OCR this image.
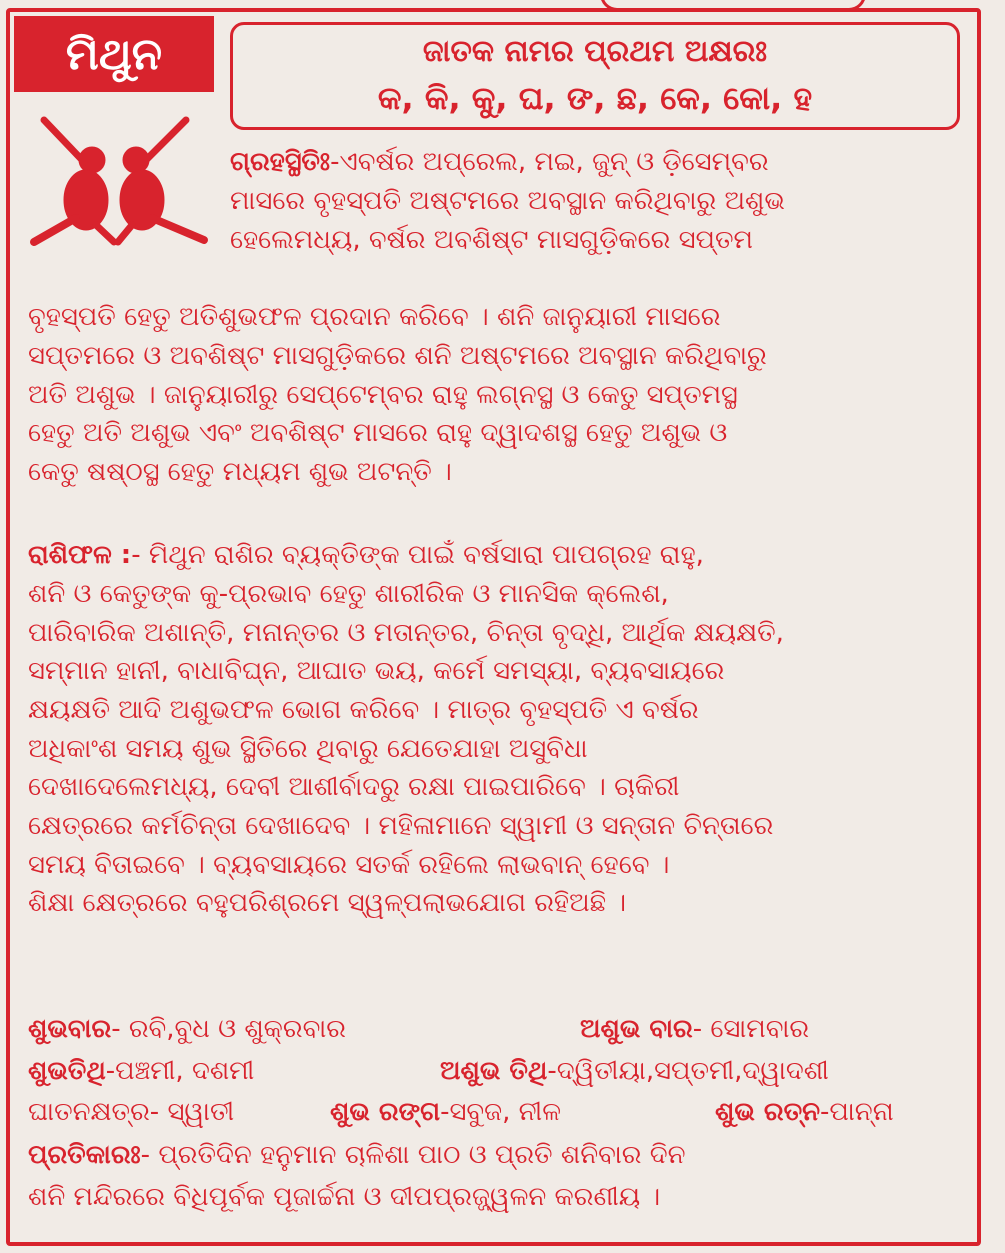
ମିଥୁନ	ଜାତକ ନାମର ପ୍ରଥମ ଅକ୍ଷରଃ
କ, କି, କୁ, ଘ, ଙ, ଛ, କେ, କୋ, ହ
ଗ୍ରହସ୍ଥିତିଃ-ଏବର୍ଷର ଅପ୍ରେଲ, ମଇ, ଜୁନ୍ ଓ ଡ଼ିସେମ୍ବର
ମାସରେ ବୃହସ୍ପତି ଅଷ୍ଟମରେ ଅବସ୍ଥାନ କରିଥିବାରୁ ଅଶୁଭ
ହେଲେମଧ୍ୟ, ବର୍ଷର ଅବଶିଷ୍ଟ ମାସଗୁଡ଼ିକରେ ସପ୍ତମ
ବୃହସ୍ପତି ହେତୁ ଅତିଶୁଭଫଳ ପ୍ରଦାନ କରିବେ । ଶନି ଜାନୁୟାରୀ ମାସରେ
ସପ୍ତମରେ ଓ ଅବଶିଷ୍ଟ ମାସଗୁଡ଼ିକରେ ଶନି ଅଷ୍ଟମରେ ଅବସ୍ଥାନ କରିଥିବାରୁ
ଅତି ଅଶୁଭ । ଜାନୁୟାରୀରୁ ସେପ୍ଟେମ୍ବର ରାହୁ ଲଗ୍ନସ୍ଥ ଓ କେତୁ ସପ୍ତମସ୍ଥ
ହେତୁ ଅତି ଅଶୁଭ ଏବଂ ଅବଶିଷ୍ଟ ମାସରେ ରାହୁ ଦ୍ୱାଦଶସ୍ଥ ହେତୁ ଅଶୁଭ ଓ
କେତୁ ଷଷ୍ଠସ୍ଥ ହେତୁ ମଧ୍ୟମ ଶୁଭ ଅଟନ୍ତି ।
ରାଶିଫଳ :- ମିଥୁନ ରାଶିର ବ୍ୟକ୍ତିଙ୍କ ପାଇଁ ବର୍ଷସାରା ପାପଗ୍ରହ ରାହୁ,
ଶନି ଓ କେତୁଙ୍କ କୁ-ପ୍ରଭାବ ହେତୁ ଶାରୀରିକ ଓ ମାନସିକ କ୍ଲେଶ,
ପାରିବାରିକ ଅଶାନ୍ତି, ମନାନ୍ତର ଓ ମତାନ୍ତର, ଚିନ୍ତା ବୃଦ୍ଧି, ଆର୍ଥିକ କ୍ଷୟକ୍ଷତି,
ସମ୍ମାନ ହାନୀ, ବାଧାବିଘ୍ନ, ଆଘାତ ଭୟ, କର୍ମେ ସମସ୍ୟା, ବ୍ୟବସାୟରେ
କ୍ଷୟକ୍ଷତି ଆଦି ଅଶୁଭଫଳ ଭୋଗ କରିବେ । ମାତ୍ର ବୃହସ୍ପତି ଏ ବର୍ଷର
ଅଧିକାଂଶ ସମୟ ଶୁଭ ସ୍ଥିତିରେ ଥିବାରୁ ଯେତେଯାହା ଅସୁବିଧା
ଦେଖାଦେଲେମଧ୍ୟ, ଦେବୀ ଆଶୀର୍ବାଦରୁ ରକ୍ଷା ପାଇପାରିବେ । ଚାକିରୀ
କ୍ଷେତ୍ରରେ କର୍ମଚିନ୍ତା ଦେଖାଦେବ । ମହିଳାମାନେ ସ୍ୱାମୀ ଓ ସନ୍ତାନ ଚିନ୍ତାରେ
ସମୟ ବିତାଇବେ । ବ୍ୟବସାୟରେ ସତର୍କ ରହିଲେ ଲାଭବାନ୍ ହେବେ ।
ଶିକ୍ଷା କ୍ଷେତ୍ରରେ ବହୁପରିଶ୍ରମେ ସ୍ୱଳ୍ପଲାଭଯୋଗ ରହିଅଛି ।
ଶୁଭବାର- ରବି,ବୁଧ ଓ ଶୁକ୍ରବାର	ଅଶୁଭ ବାର- ସୋମବାର
ଶୁଭତିଥି-ପଞ୍ଚମୀ, ଦଶମୀ	ଅଶୁଭ ତିଥି-ଦ୍ୱିତୀୟା,ସପ୍ତମୀ,ଦ୍ୱାଦଶୀ
ଘାତନକ୍ଷତ୍ର- ସ୍ୱାତୀ	ଶୁଭ ରଙ୍ଗ-ସବୁଜ, ନୀଳ	ଶୁଭ ରତ୍ନ-ପାନ୍ନା
ପ୍ରତିକାରଃ- ପ୍ରତିଦିନ ହନୁମାନ ଚାଳିଶା ପାଠ ଓ ପ୍ରତି ଶନିବାର ଦିନ
ଶନି ମନ୍ଦିରରେ ବିଧିପୂର୍ବକ ପୂଜାର୍ଚ୍ଚନା ଓ ଦୀପପ୍ରଜ୍ଜ୍ୱଳନ କରଣୀୟ ।
